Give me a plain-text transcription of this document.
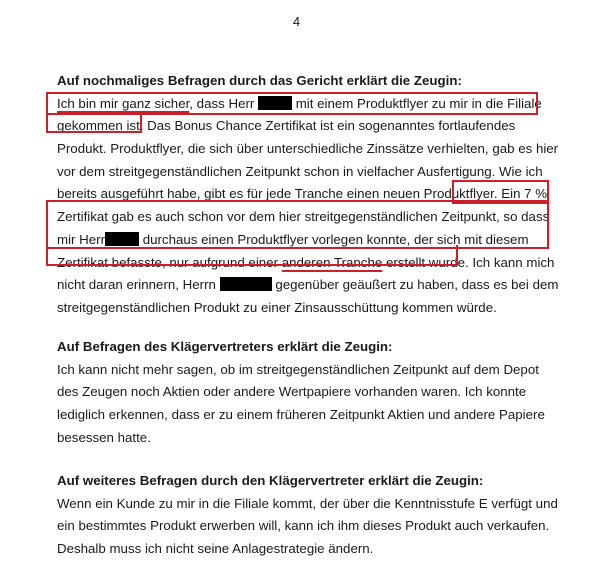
4
Auf nochmaliges Befragen durch das Gericht erklärt die Zeugin:
Ich bin mir ganz sicher, dass Herr	mit einem Produktflyer zu mir in die Filiale
gekommen ist. Das Bonus Chance Zertifikat ist ein sogenanntes fortlaufendes
Produkt. Produktflyer, die sich über unterschiedliche Zinssätze verhielten, gab es hier
vor dem streitgegenständlichen Zeitpunkt schon in vielfacher Ausfertigung. Wie ich
bereits ausgeführt habe, gibt es für jede Tranche einen neuen Produktflyer. Ein 7 %
Zertifikat gab es auch schon vor dem hier streitgegenständlichen Zeitpunkt, so dass
mir Herr	durchaus einen Produktflyer vorlegen konnte, der sich mit diesem
Zertifikat befasste, nur aufgrund einer anderen Tranche erstellt wurde. Ich kann mich
nicht daran erinnern, Herrn	gegenüber geäußert zu haben, dass es bei dem
streitgegenständlichen Produkt zu einer Zinsausschüttung kommen würde.
Auf Befragen des Klägervertreters erklärt die Zeugin:
Ich kann nicht mehr sagen, ob im streitgegenständlichen Zeitpunkt auf dem Depot
des Zeugen noch Aktien oder andere Wertpapiere vorhanden waren. Ich konnte
lediglich erkennen, dass er zu einem früheren Zeitpunkt Aktien und andere Papiere
besessen hatte.
Auf weiteres Befragen durch den Klägervertreter erklärt die Zeugin:
Wenn ein Kunde zu mir in die Filiale kommt, der über die Kenntnisstufe E verfügt und
ein bestimmtes Produkt erwerben will, kann ich ihm dieses Produkt auch verkaufen.
Deshalb muss ich nicht seine Anlagestrategie ändern.
